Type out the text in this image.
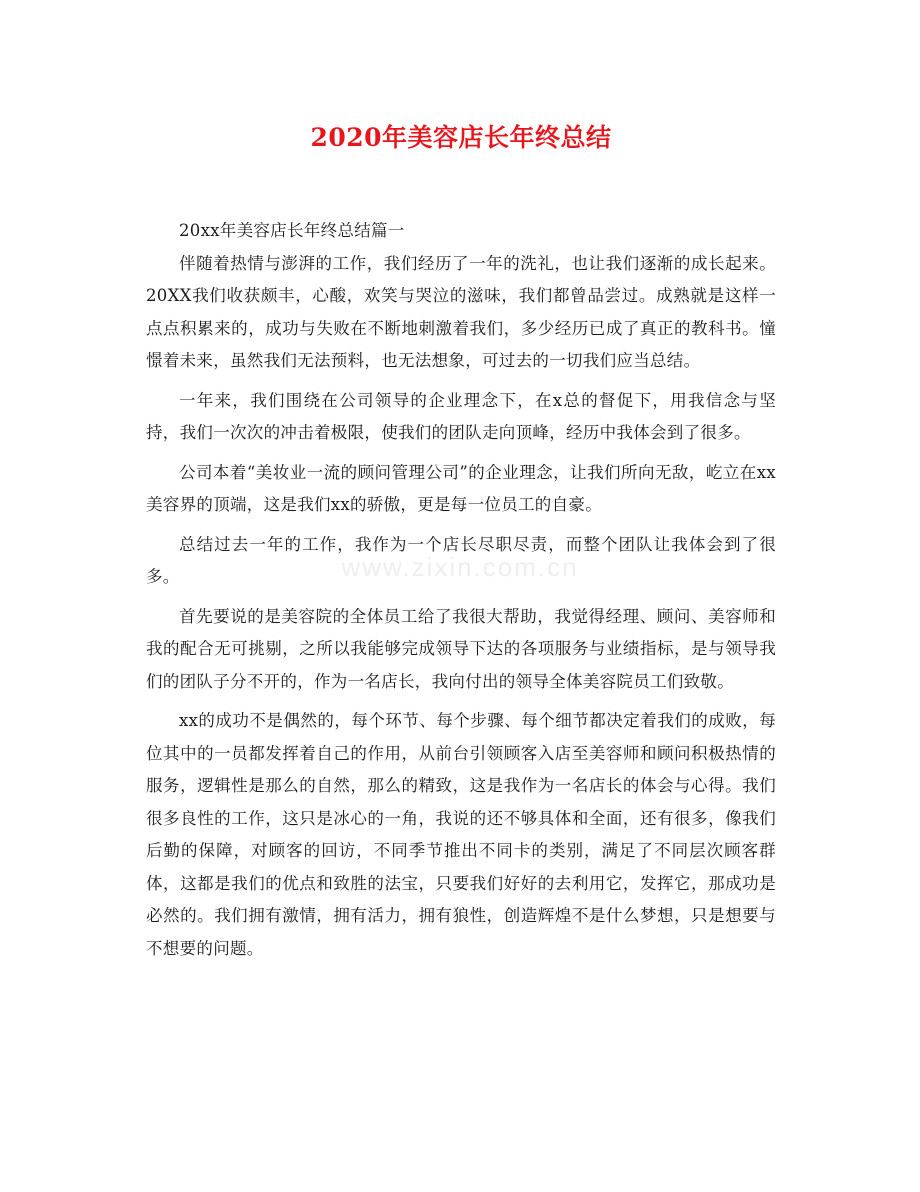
2020年美容店长年终总结

20xx年美容店长年终总结篇一

伴随着热情与澎湃的工作，我们经历了一年的洗礼，也让我们逐渐的成长起来。20XX我们收获颇丰，心酸，欢笑与哭泣的滋味，我们都曾品尝过。成熟就是这样一点点积累来的，成功与失败在不断地刺激着我们，多少经历已成了真正的教科书。憧憬着未来，虽然我们无法预料，也无法想象，可过去的一切我们应当总结。

一年来，我们围绕在公司领导的企业理念下，在x总的督促下，用我信念与坚持，我们一次次的冲击着极限，使我们的团队走向顶峰，经历中我体会到了很多。

公司本着“美妆业一流的顾问管理公司”的企业理念，让我们所向无敌，屹立在xx美容界的顶端，这是我们xx的骄傲，更是每一位员工的自豪。

总结过去一年的工作，我作为一个店长尽职尽责，而整个团队让我体会到了很多。

首先要说的是美容院的全体员工给了我很大帮助，我觉得经理、顾问、美容师和我的配合无可挑剔，之所以我能够完成领导下达的各项服务与业绩指标，是与领导我们的团队子分不开的，作为一名店长，我向付出的领导全体美容院员工们致敬。

xx的成功不是偶然的，每个环节、每个步骤、每个细节都决定着我们的成败，每位其中的一员都发挥着自己的作用，从前台引领顾客入店至美容师和顾问积极热情的服务，逻辑性是那么的自然，那么的精致，这是我作为一名店长的体会与心得。我们很多良性的工作，这只是冰心的一角，我说的还不够具体和全面，还有很多，像我们后勤的保障，对顾客的回访，不同季节推出不同卡的类别，满足了不同层次顾客群体，这都是我们的优点和致胜的法宝，只要我们好好的去利用它，发挥它，那成功是必然的。我们拥有激情，拥有活力，拥有狼性，创造辉煌不是什么梦想，只是想要与不想要的问题。

www.zixin.com.cn
